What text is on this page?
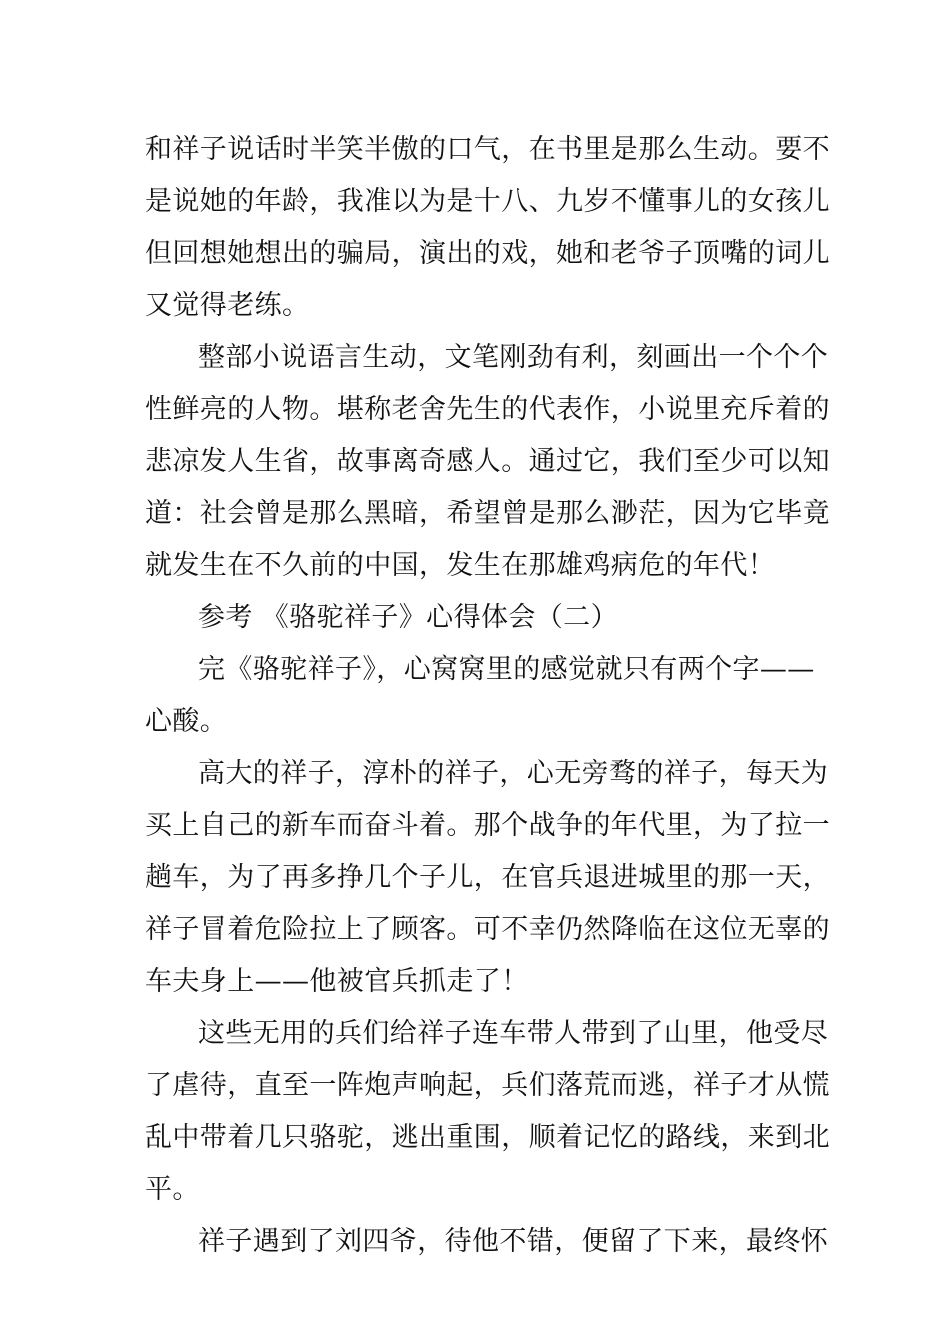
和祥子说话时半笑半傲的口气，在书里是那么生动。要不
是说她的年龄，我准以为是十八、九岁不懂事儿的女孩儿
但回想她想出的骗局，演出的戏，她和老爷子顶嘴的词儿
又觉得老练。
整部小说语言生动，文笔刚劲有利，刻画出一个个个
性鲜亮的人物。堪称老舍先生的代表作，小说里充斥着的
悲凉发人生省，故事离奇感人。通过它，我们至少可以知
道：社会曾是那么黑暗，希望曾是那么渺茫，因为它毕竟
就发生在不久前的中国，发生在那雄鸡病危的年代！
参考 《骆驼祥子》心得体会（二）
完《骆驼祥子》，心窝窝里的感觉就只有两个字——
心酸。
高大的祥子，淳朴的祥子，心无旁骛的祥子，每天为
买上自己的新车而奋斗着。那个战争的年代里，为了拉一
趟车，为了再多挣几个子儿，在官兵退进城里的那一天，
祥子冒着危险拉上了顾客。可不幸仍然降临在这位无辜的
车夫身上——他被官兵抓走了！
这些无用的兵们给祥子连车带人带到了山里，他受尽
了虐待，直至一阵炮声响起，兵们落荒而逃，祥子才从慌
乱中带着几只骆驼，逃出重围，顺着记忆的路线，来到北
平。
祥子遇到了刘四爷，待他不错，便留了下来，最终怀
